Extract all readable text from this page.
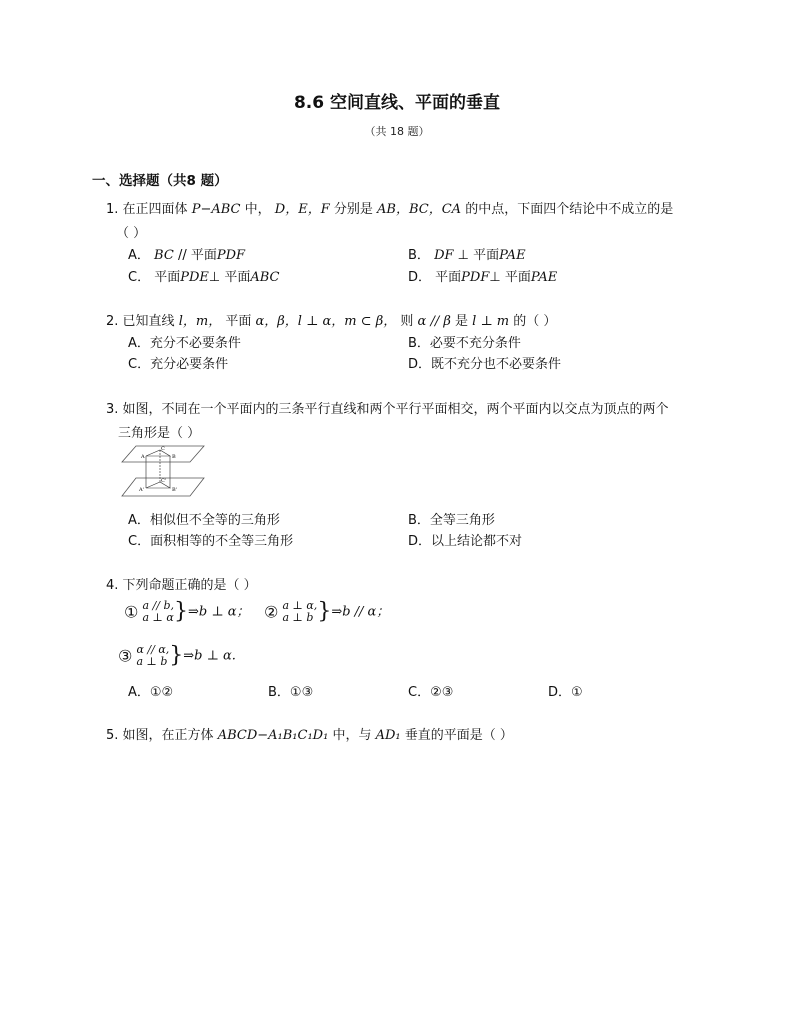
8.6 空间直线、平面的垂直
（共 18 题）
一、选择题（共8 题）
1. 在正四面体 P−ABC 中， D，E，F 分别是 AB，BC，CA 的中点，下面四个结论中不成立的是
（ ）
A． BC // 平面PDF	B． DF ⊥ 平面PAE
C． 平面PDE⊥ 平面ABC	D． 平面PDF⊥ 平面PAE
2. 已知直线 l，m， 平面 α，β，l ⊥ α，m ⊂ β， 则 α // β 是 l ⊥ m 的（ ）
A．充分不必要条件	B．必要不充分条件
C．充分必要条件	D．既不充分也不必要条件
3. 如图，不同在一个平面内的三条平行直线和两个平行平面相交，两个平面内以交点为顶点的两个
三角形是（ ）
A	B
C
A'	B'
C'
A．相似但不全等的三角形	B．全等三角形
C．面积相等的不全等三角形	D．以上结论都不对
4. 下列命题正确的是（ ）
① a // b,
a ⊥ α }⇒b ⊥ α； ② a ⊥ α,
a ⊥ b }⇒b // α；
③ α // α,
a ⊥ b }⇒b ⊥ α.
A．①②	B．①③	C．②③	D．①
5. 如图，在正方体 ABCD−A₁B₁C₁D₁ 中，与 AD₁ 垂直的平面是（ ）
